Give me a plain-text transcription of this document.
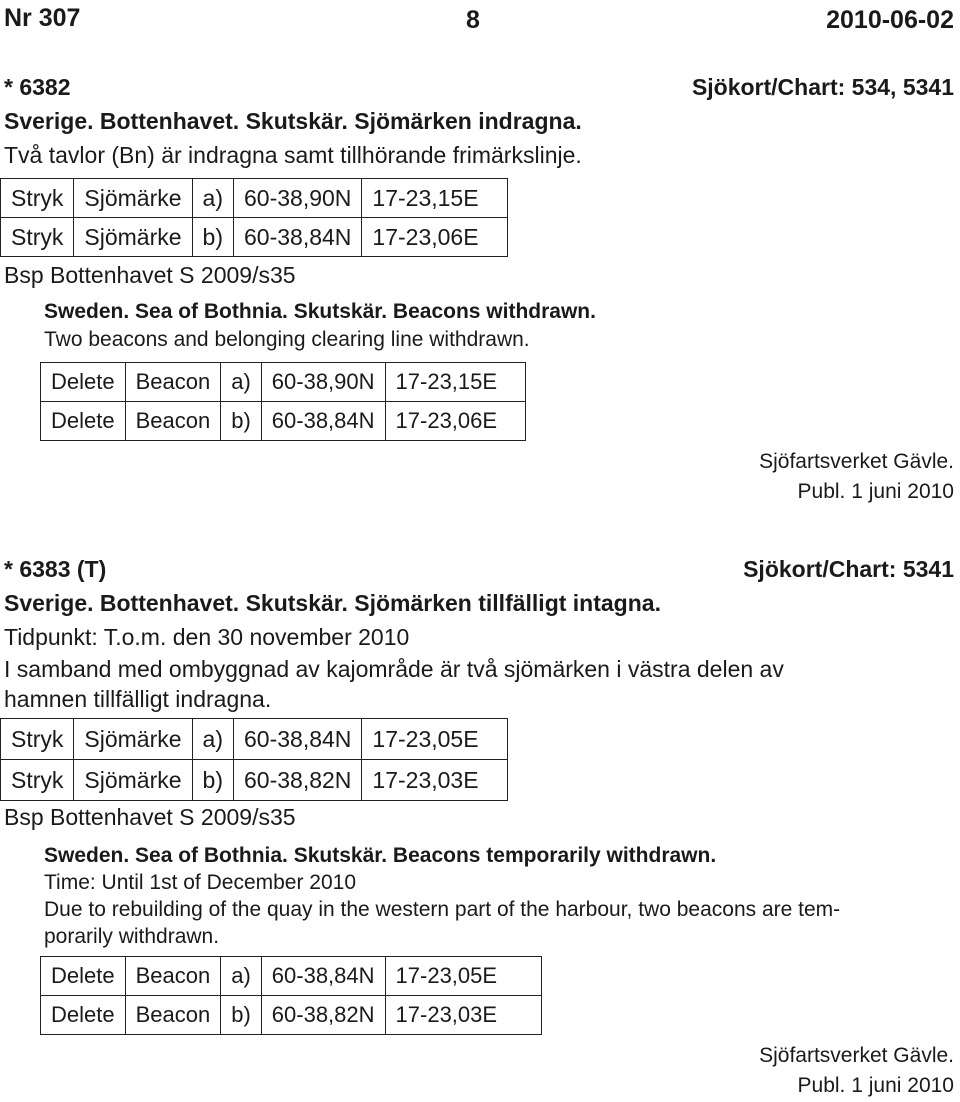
Nr 307	8	2010-06-02
* 6382	Sjökort/Chart: 534, 5341
Sverige. Bottenhavet. Skutskär. Sjömärken indragna.
Två tavlor (Bn) är indragna samt tillhörande frimärkslinje.
Stryk	Sjömärke	a)	60-38,90N	17-23,15E
Stryk	Sjömärke	b)	60-38,84N	17-23,06E
Bsp Bottenhavet S 2009/s35
Sweden. Sea of Bothnia. Skutskär. Beacons withdrawn.
Two beacons and belonging clearing line withdrawn.
Delete	Beacon	a)	60-38,90N	17-23,15E
Delete	Beacon	b)	60-38,84N	17-23,06E
Sjöfartsverket Gävle.
Publ. 1 juni 2010
* 6383 (T)	Sjökort/Chart: 5341
Sverige. Bottenhavet. Skutskär. Sjömärken tillfälligt intagna.
Tidpunkt: T.o.m. den 30 november 2010
I samband med ombyggnad av kajområde är två sjömärken i västra delen av
hamnen tillfälligt indragna.
Stryk	Sjömärke	a)	60-38,84N	17-23,05E
Stryk	Sjömärke	b)	60-38,82N	17-23,03E
Bsp Bottenhavet S 2009/s35
Sweden. Sea of Bothnia. Skutskär. Beacons temporarily withdrawn.
Time: Until 1st of December 2010
Due to rebuilding of the quay in the western part of the harbour, two beacons are tem-
porarily withdrawn.
Delete	Beacon	a)	60-38,84N	17-23,05E
Delete	Beacon	b)	60-38,82N	17-23,03E
Sjöfartsverket Gävle.
Publ. 1 juni 2010
